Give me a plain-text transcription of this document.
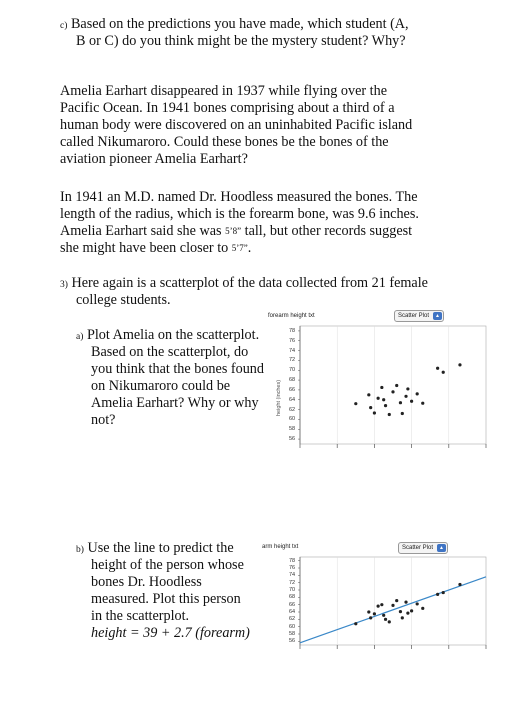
c) Based on the predictions you have made, which student (A,
B or C) do you think might be the mystery student? Why?
Amelia Earhart disappeared in 1937 while flying over the
Pacific Ocean. In 1941 bones comprising about a third of a
human body were discovered on an uninhabited Pacific island
called Nikumaroro. Could these bones be the bones of the
aviation pioneer Amelia Earhart?
In 1941 an M.D. named Dr. Hoodless measured the bones. The
length of the radius, which is the forearm bone, was 9.6 inches.
Amelia Earhart said she was 5’8” tall, but other records suggest
she might have been closer to 5’7”.
3) Here again is a scatterplot of the data collected from 21 female
college students.
a) Plot Amelia on the scatterplot.
Based on the scatterplot, do
you think that the bones found
on Nikumaroro could be
Amelia Earhart? Why or why
not?
forearm height txt	Scatter Plot	▲
height (inches)
78
76
74
72
70
68
66
64
62
60
58
56
b) Use the line to predict the
height of the person whose
bones Dr. Hoodless
measured. Plot this person
in the scatterplot.
height = 39 + 2.7 (forearm)
arm height txt	Scatter Plot	▲
78
76
74
72
70
68
66
64
62
60
58
56
